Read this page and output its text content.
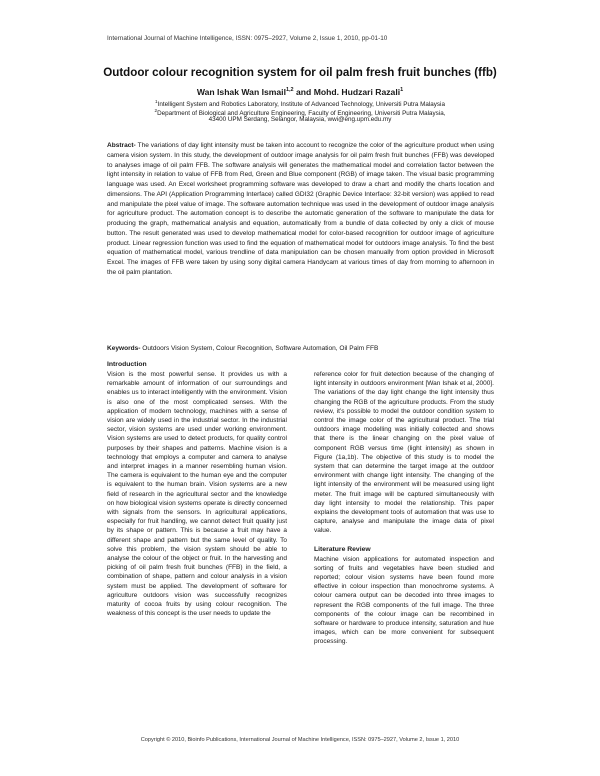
International Journal of Machine Intelligence, ISSN: 0975–2927, Volume 2, Issue 1, 2010, pp-01-10
Outdoor colour recognition system for oil palm fresh fruit bunches (ffb)
Wan Ishak Wan Ismail$^{1,2}$ and Mohd. Hudzari Razali$^1$
$^1$Intelligent System and Robotics Laboratory, Institute of Advanced Technology, Universiti Putra Malaysia
$^2$Department of Biological and Agriculture Engineering, Faculty of Engineering, Universiti Putra Malaysia,
43400 UPM Serdang, Selangor, Malaysia, wwi@eng.upm.edu.my

Abstract- The variations of day light intensity must be taken into account to recognize the color of the agriculture product when using camera vision system. In this study, the development of outdoor image analysis for oil palm fresh fruit bunches (FFB) was developed to analyses image of oil palm FFB. The software analysis will generates the mathematical model and correlation factor between the light intensity in relation to value of FFB from Red, Green and Blue component (RGB) of image taken. The visual basic programming language was used. An Excel worksheet programming software was developed to draw a chart and modify the charts location and dimensions. The API (Application Programming Interface) called GDI32 (Graphic Device Interface: 32-bit version) was applied to read and manipulate the pixel value of image. The software automation technique was used in the development of outdoor image analysis for agriculture product. The automation concept is to describe the automatic generation of the software to manipulate the data for producing the graph, mathematical analysis and equation, automatically from a bundle of data collected by only a click of mouse button. The result generated was used to develop mathematical model for color-based recognition for outdoor image of agriculture product. Linear regression function was used to find the equation of mathematical model for outdoors image analysis. To find the best equation of mathematical model, various trendline of data manipulation can be chosen manually from option provided in Microsoft Excel. The images of FFB were taken by using sony digital camera Handycam at various times of day from morning to afternoon in the oil palm plantation.

Keywords- Outdoors Vision System, Colour Recognition, Software Automation, Oil Palm FFB

Introduction

Vision is the most powerful sense. It provides us with a remarkable amount of information of our surroundings and enables us to interact intelligently with the environment. Vision is also one of the most complicated senses. With the application of modern technology, machines with a sense of vision are widely used in the industrial sector. In the industrial sector, vision systems are used under working environment. Vision systems are used to detect products, for quality control purposes by their shapes and patterns. Machine vision is a technology that employs a computer and camera to analyse and interpret images in a manner resembling human vision. The camera is equivalent to the human eye and the computer is equivalent to the human brain. Vision systems are a new field of research in the agricultural sector and the knowledge on how biological vision systems operate is directly concerned with signals from the sensors. In agricultural applications, especially for fruit handling, we cannot detect fruit quality just by its shape or pattern. This is because a fruit may have a different shape and pattern but the same level of quality. To solve this problem, the vision system should be able to analyse the colour of the object or fruit. In the harvesting and picking of oil palm fresh fruit bunches (FFB) in the field, a combination of shape, pattern and colour analysis in a vision system must be applied. The development of software for agriculture outdoors vision was successfully recognizes maturity of cocoa fruits by using colour recognition. The weakness of this concept is the user needs to update the

reference color for fruit detection because of the changing of light intensity in outdoors environment [Wan Ishak et al, 2000]. The variations of the day light change the light intensity thus changing the RGB of the agriculture products. From the study review, it’s possible to model the outdoor condition system to control the image color of the agricultural product. The trial outdoors image modelling was initially collected and shows that there is the linear changing on the pixel value of component RGB versus time (light intensity) as shown in Figure (1a,1b). The objective of this study is to model the system that can determine the target image at the outdoor environment with change light intensity. The changing of the light intensity of the environment will be measured using light meter. The fruit image will be captured simultaneously with day light intensity to model the relationship. This paper explains the development tools of automation that was use to capture, analyse and manipulate the image data of pixel value.

Literature Review

Machine vision applications for automated inspection and sorting of fruits and vegetables have been studied and reported; colour vision systems have been found more effective in colour inspection than monochrome systems. A colour camera output can be decoded into three images to represent the RGB components of the full image. The three components of the colour image can be recombined in software or hardware to produce intensity, saturation and hue images, which can be more convenient for subsequent processing.

Copyright © 2010, Bioinfo Publications, International Journal of Machine Intelligence, ISSN: 0975–2927, Volume 2, Issue 1, 2010
